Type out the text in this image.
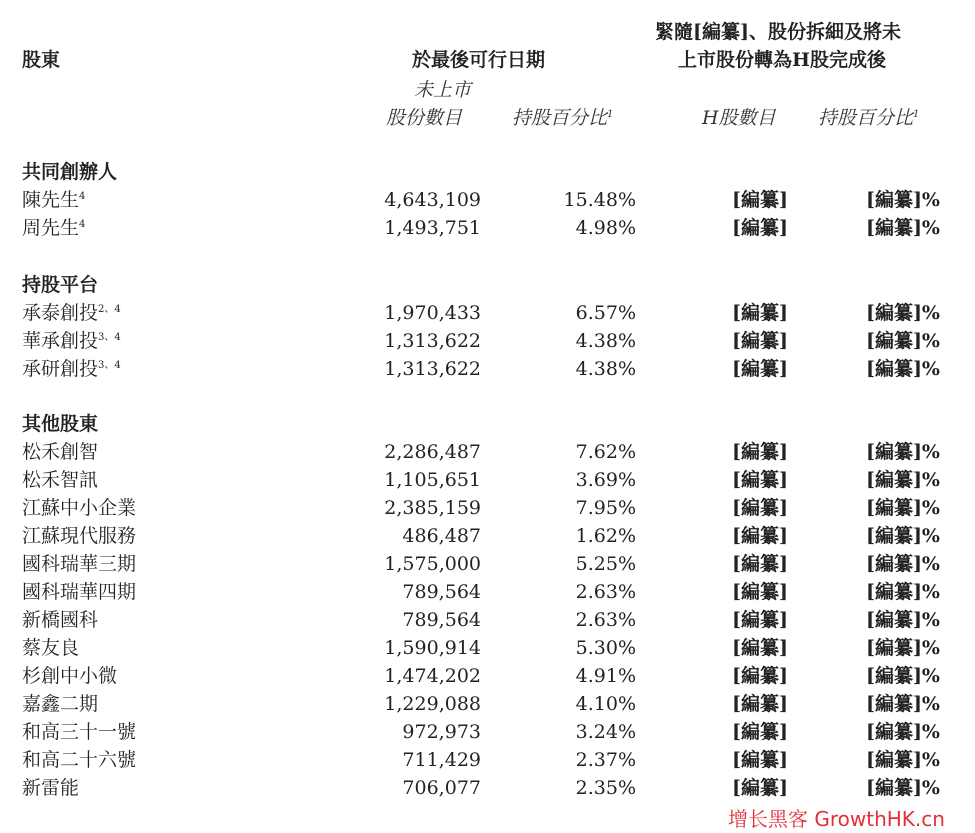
股東	於最後可行日期
緊隨[編纂]、股份拆細及將未
上市股份轉為H股完成後
未上市
股份數目	持股百分比$^1$	H股數目 持股百分比$^1$
共同創辦人
陳先生$^4$	4,643,109	15.48%	[編纂]	[編纂]%
周先生$^4$	1,493,751	4.98%	[編纂]	[編纂]%
持股平台
承泰創投$^{2、4}$	1,970,433	6.57%	[編纂]	[編纂]%
華承創投$^{3、4}$	1,313,622	4.38%	[編纂]	[編纂]%
承研創投$^{3、4}$	1,313,622	4.38%	[編纂]	[編纂]%
其他股東
松禾創智	2,286,487	7.62%	[編纂]	[編纂]%
松禾智訊	1,105,651	3.69%	[編纂]	[編纂]%
江蘇中小企業	2,385,159	7.95%	[編纂]	[編纂]%
江蘇現代服務	486,487	1.62%	[編纂]	[編纂]%
國科瑞華三期	1,575,000	5.25%	[編纂]	[編纂]%
國科瑞華四期	789,564	2.63%	[編纂]	[編纂]%
新橋國科	789,564	2.63%	[編纂]	[編纂]%
蔡友良	1,590,914	5.30%	[編纂]	[編纂]%
杉創中小微	1,474,202	4.91%	[編纂]	[編纂]%
嘉鑫二期	1,229,088	4.10%	[編纂]	[編纂]%
和高三十一號	972,973	3.24%	[編纂]	[編纂]%
和高二十六號	711,429	2.37%	[編纂]	[編纂]%
新雷能	706,077	2.35%	[編纂]	[編纂]%
增长黑客 GrowthHK.cn
